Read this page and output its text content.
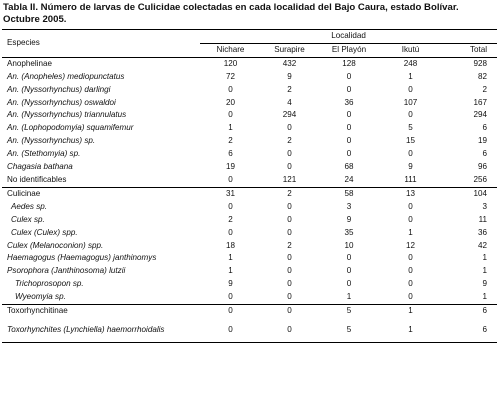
Tabla II. Número de larvas de Culicidae colectadas en cada localidad del Bajo Caura, estado Bolívar. Octubre 2005.
Especies	Localidad				
	Nichare	Surapire	El Playón	Ikutú	Total
Anophelinae	120	432	128	248	928
An. (Anopheles) mediopunctatus	72	9	0	1	82
An. (Nyssorhynchus) darlingi	0	2	0	0	2
An. (Nyssorhynchus) oswaldoi	20	4	36	107	167
An. (Nyssorhynchus) triannulatus	0	294	0	0	294
An. (Lophopodomyia) squamifemur	1	0	0	5	6
An. (Nyssorhynchus) sp.	2	2	0	15	19
An. (Stethomyia) sp.	6	0	0	0	6
Chagasia bathana	19	0	68	9	96
No identificables	0	121	24	111	256
Culicinae	31	2	58	13	104
Aedes sp.	0	0	3	0	3
Culex sp.	2	0	9	0	11
Culex (Culex) spp.	0	0	35	1	36
Culex (Melanoconion) spp.	18	2	10	12	42
Haemagogus (Haemagogus) janthinomys	1	0	0	0	1
Psorophora (Janthinosoma) lutzii	1	0	0	0	1
Trichoprosopon sp.	9	0	0	0	9
Wyeomyia sp.	0	0	1	0	1
Toxorhynchitinae	0	0	5	1	6
Toxorhynchites (Lynchiella) haemorrhoidalis	0	0	5	1	6
